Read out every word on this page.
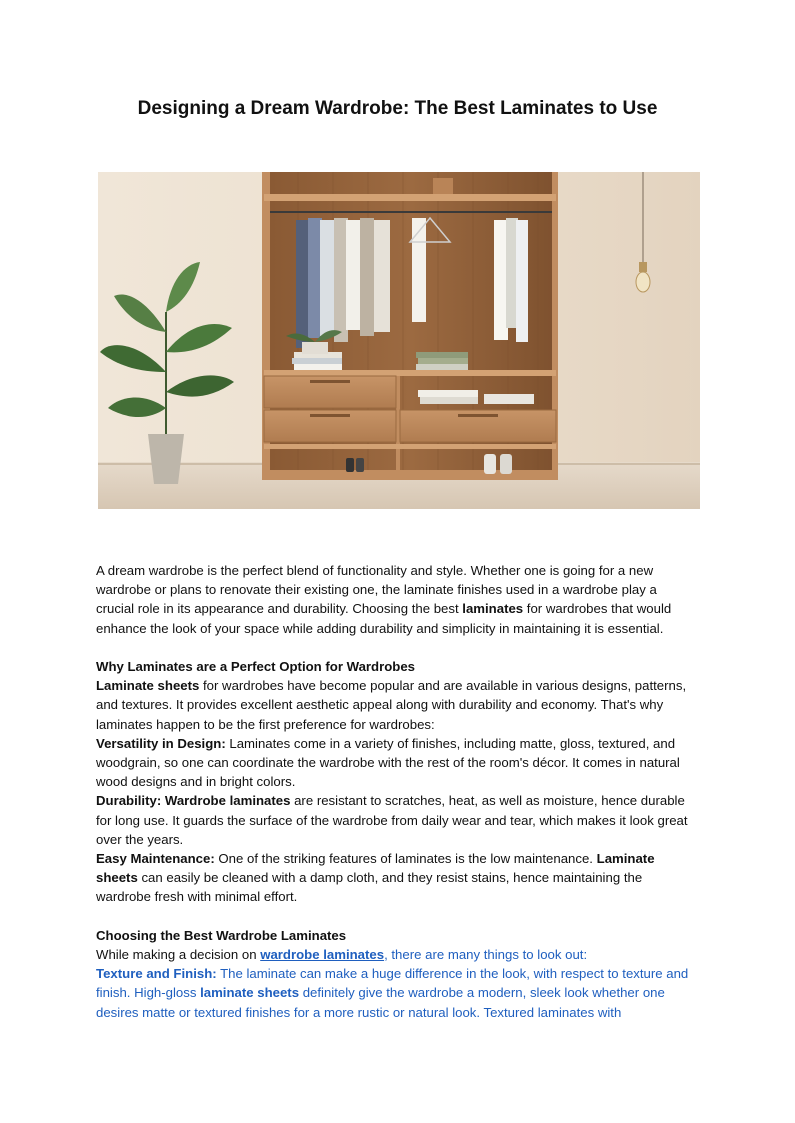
Designing a Dream Wardrobe: The Best Laminates to Use

A dream wardrobe is the perfect blend of functionality and style. Whether one is going for a new wardrobe or plans to renovate their existing one, the laminate finishes used in a wardrobe play a crucial role in its appearance and durability. Choosing the best laminates for wardrobes that would enhance the look of your space while adding durability and simplicity in maintaining it is essential.

Why Laminates are a Perfect Option for Wardrobes

Laminate sheets for wardrobes have become popular and are available in various designs, patterns, and textures. It provides excellent aesthetic appeal along with durability and economy. That's why laminates happen to be the first preference for wardrobes:

Versatility in Design: Laminates come in a variety of finishes, including matte, gloss, textured, and woodgrain, so one can coordinate the wardrobe with the rest of the room's décor. It comes in natural wood designs and in bright colors.

Durability: Wardrobe laminates are resistant to scratches, heat, as well as moisture, hence durable for long use. It guards the surface of the wardrobe from daily wear and tear, which makes it look great over the years.

Easy Maintenance: One of the striking features of laminates is the low maintenance. Laminate sheets can easily be cleaned with a damp cloth, and they resist stains, hence maintaining the wardrobe fresh with minimal effort.

Choosing the Best Wardrobe Laminates

While making a decision on wardrobe laminates, there are many things to look out:

Texture and Finish: The laminate can make a huge difference in the look, with respect to texture and finish. High-gloss laminate sheets definitely give the wardrobe a modern, sleek look whether one desires matte or textured finishes for a more rustic or natural look. Textured laminates with
